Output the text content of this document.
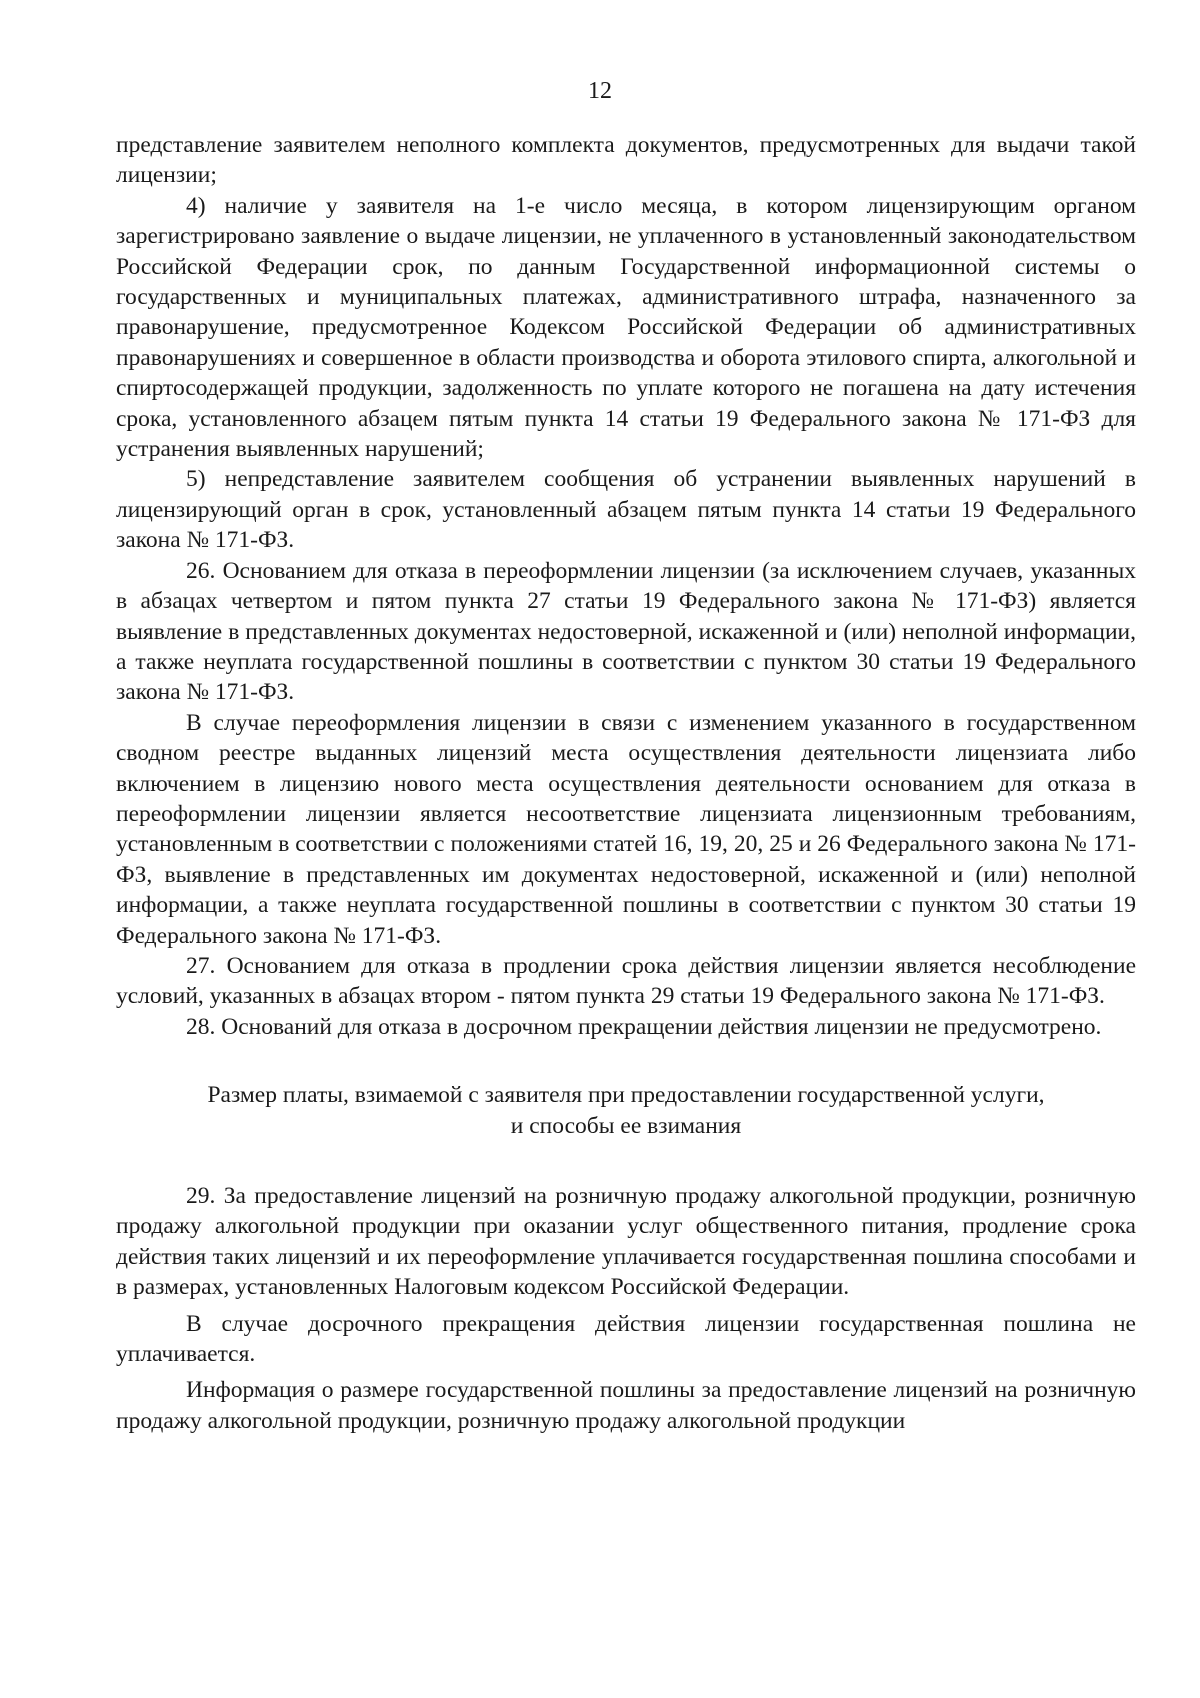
12

представление заявителем неполного комплекта документов, предусмотренных для выдачи такой лицензии;

4) наличие у заявителя на 1-е число месяца, в котором лицензирующим органом зарегистрировано заявление о выдаче лицензии, не уплаченного в установленный законодательством Российской Федерации срок, по данным Государственной информационной системы о государственных и муниципальных платежах, административного штрафа, назначенного за правонарушение, предусмотренное Кодексом Российской Федерации об административных правонарушениях и совершенное в области производства и оборота этилового спирта, алкогольной и спиртосодержащей продукции, задолженность по уплате которого не погашена на дату истечения срока, установленного абзацем пятым пункта 14 статьи 19 Федерального закона № 171-ФЗ для устранения выявленных нарушений;

5) непредставление заявителем сообщения об устранении выявленных нарушений в лицензирующий орган в срок, установленный абзацем пятым пункта 14 статьи 19 Федерального закона № 171-ФЗ.

26. Основанием для отказа в переоформлении лицензии (за исключением случаев, указанных в абзацах четвертом и пятом пункта 27 статьи 19 Федерального закона № 171-ФЗ) является выявление в представленных документах недостоверной, искаженной и (или) неполной информации, а также неуплата государственной пошлины в соответствии с пунктом 30 статьи 19 Федерального закона № 171-ФЗ.

В случае переоформления лицензии в связи с изменением указанного в государственном сводном реестре выданных лицензий места осуществления деятельности лицензиата либо включением в лицензию нового места осуществления деятельности основанием для отказа в переоформлении лицензии является несоответствие лицензиата лицензионным требованиям, установленным в соответствии с положениями статей 16, 19, 20, 25 и 26 Федерального закона № 171-ФЗ, выявление в представленных им документах недостоверной, искаженной и (или) неполной информации, а также неуплата государственной пошлины в соответствии с пунктом 30 статьи 19 Федерального закона № 171-ФЗ.

27. Основанием для отказа в продлении срока действия лицензии является несоблюдение условий, указанных в абзацах втором - пятом пункта 29 статьи 19 Федерального закона № 171-ФЗ.

28. Оснований для отказа в досрочном прекращении действия лицензии не предусмотрено.

Размер платы, взимаемой с заявителя при предоставлении государственной услуги,
и способы ее взимания

29. За предоставление лицензий на розничную продажу алкогольной продукции, розничную продажу алкогольной продукции при оказании услуг общественного питания, продление срока действия таких лицензий и их переоформление уплачивается государственная пошлина способами и в размерах, установленных Налоговым кодексом Российской Федерации.

В случае досрочного прекращения действия лицензии государственная пошлина не уплачивается.

Информация о размере государственной пошлины за предоставление лицензий на розничную продажу алкогольной продукции, розничную продажу алкогольной продукции
